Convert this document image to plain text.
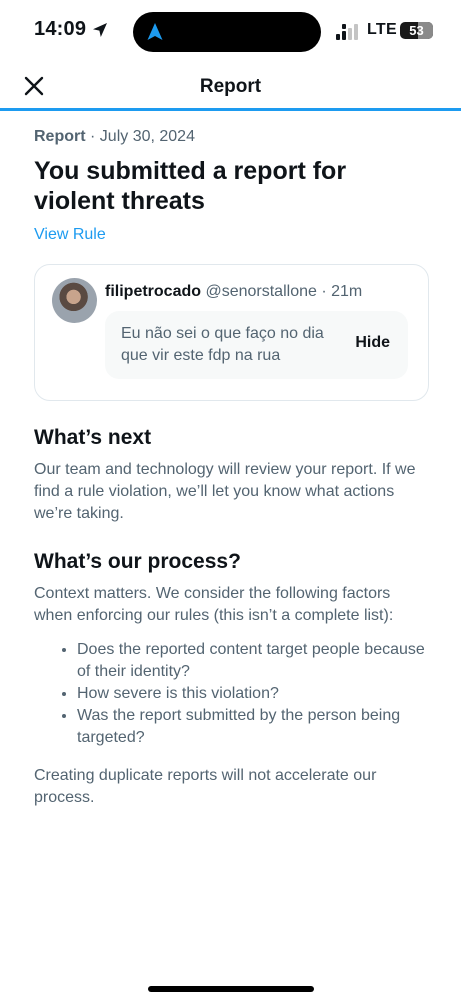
14:09	LTE 53
Report
Report · July 30, 2024
You submitted a report for violent threats
View Rule
filipetrocado @senorstallone · 21m
Eu não sei o que faço no dia que vir este fdp na rua
Hide
What’s next
Our team and technology will review your report. If we find a rule violation, we’ll let you know what actions we’re taking.
What’s our process?
Context matters. We consider the following factors when enforcing our rules (this isn’t a complete list):
• Does the reported content target people because of their identity?
• How severe is this violation?
• Was the report submitted by the person being targeted?
Creating duplicate reports will not accelerate our process.
